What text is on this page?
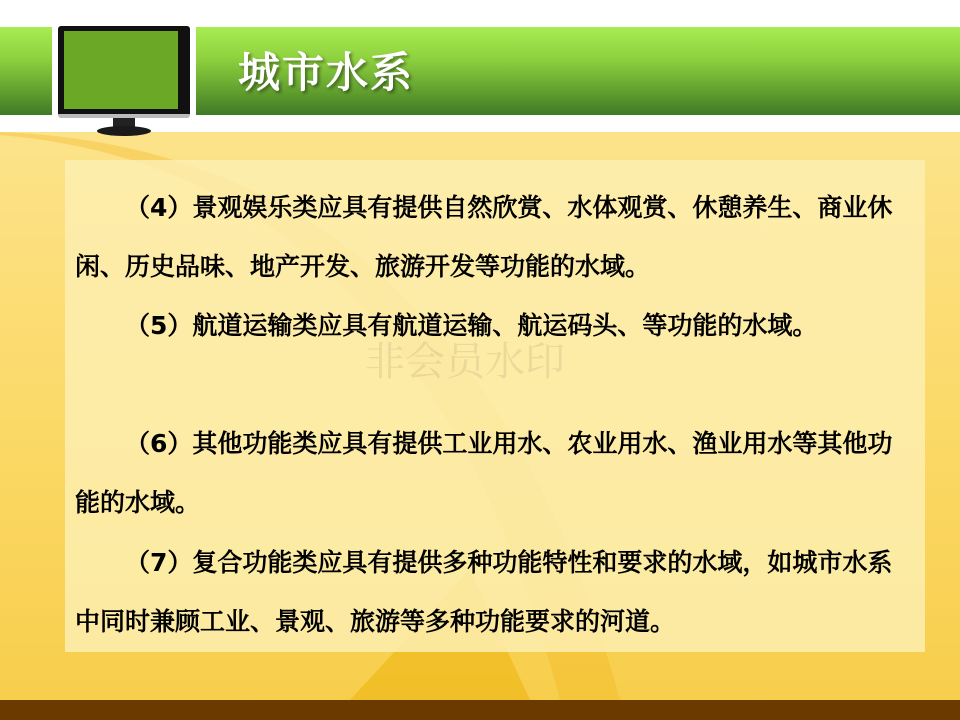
城市水系
（4）景观娱乐类应具有提供自然欣赏、水体观赏、休憩养生、商业休闲、历史品味、地产开发、旅游开发等功能的水域。
（5）航道运输类应具有航道运输、航运码头、等功能的水域。
（6）其他功能类应具有提供工业用水、农业用水、渔业用水等其他功能的水域。
（7）复合功能类应具有提供多种功能特性和要求的水域，如城市水系中同时兼顾工业、景观、旅游等多种功能要求的河道。
非会员水印
